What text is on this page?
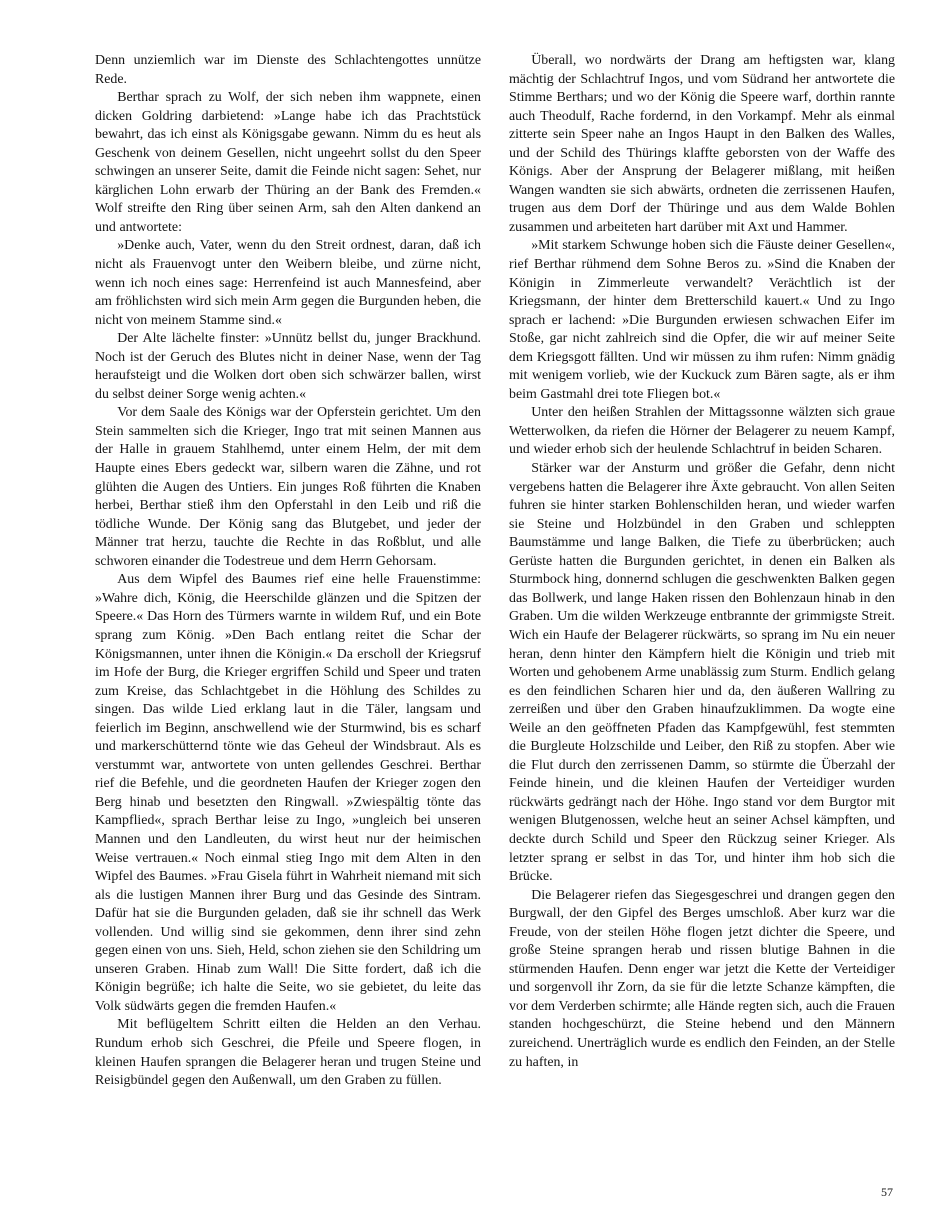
Denn unziemlich war im Dienste des Schlachtengottes unnütze Rede.

Berthar sprach zu Wolf, der sich neben ihm wappnete, einen dicken Goldring darbietend: »Lange habe ich das Prachtstück bewahrt, das ich einst als Königsgabe gewann. Nimm du es heut als Geschenk von deinem Gesellen, nicht ungeehrt sollst du den Speer schwingen an unserer Seite, damit die Feinde nicht sagen: Sehet, nur kärglichen Lohn erwarb der Thüring an der Bank des Fremden.« Wolf streifte den Ring über seinen Arm, sah den Alten dankend an und antwortete:

»Denke auch, Vater, wenn du den Streit ordnest, daran, daß ich nicht als Frauenvogt unter den Weibern bleibe, und zürne nicht, wenn ich noch eines sage: Herrenfeind ist auch Mannesfeind, aber am fröhlichsten wird sich mein Arm gegen die Burgunden heben, die nicht von meinem Stamme sind.«

Der Alte lächelte finster: »Unnütz bellst du, junger Brackhund. Noch ist der Geruch des Blutes nicht in deiner Nase, wenn der Tag heraufsteigt und die Wolken dort oben sich schwärzer ballen, wirst du selbst deiner Sorge wenig achten.«

Vor dem Saale des Königs war der Opferstein gerichtet. Um den Stein sammelten sich die Krieger, Ingo trat mit seinen Mannen aus der Halle in grauem Stahlhemd, unter einem Helm, der mit dem Haupte eines Ebers gedeckt war, silbern waren die Zähne, und rot glühten die Augen des Untiers. Ein junges Roß führten die Knaben herbei, Berthar stieß ihm den Opferstahl in den Leib und riß die tödliche Wunde. Der König sang das Blutgebet, und jeder der Männer trat herzu, tauchte die Rechte in das Roßblut, und alle schworen einander die Todestreue und dem Herrn Gehorsam.

Aus dem Wipfel des Baumes rief eine helle Frauenstimme: »Wahre dich, König, die Heerschilde glänzen und die Spitzen der Speere.« Das Horn des Türmers warnte in wildem Ruf, und ein Bote sprang zum König. »Den Bach entlang reitet die Schar der Königsmannen, unter ihnen die Königin.« Da erscholl der Kriegsruf im Hofe der Burg, die Krieger ergriffen Schild und Speer und traten zum Kreise, das Schlachtgebet in die Höhlung des Schildes zu singen. Das wilde Lied erklang laut in die Täler, langsam und feierlich im Beginn, anschwellend wie der Sturmwind, bis es scharf und markerschütternd tönte wie das Geheul der Windsbraut. Als es verstummt war, antwortete von unten gellendes Geschrei. Berthar rief die Befehle, und die geordneten Haufen der Krieger zogen den Berg hinab und besetzten den Ringwall. »Zwiespältig tönte das Kampflied«, sprach Berthar leise zu Ingo, »ungleich bei unseren Mannen und den Landleuten, du wirst heut nur der heimischen Weise vertrauen.« Noch einmal stieg Ingo mit dem Alten in den Wipfel des Baumes. »Frau Gisela führt in Wahrheit niemand mit sich als die lustigen Mannen ihrer Burg und das Gesinde des Sintram. Dafür hat sie die Burgunden geladen, daß sie ihr schnell das Werk vollenden. Und willig sind sie gekommen, denn ihrer sind zehn gegen einen von uns. Sieh, Held, schon ziehen sie den Schildring um unseren Graben. Hinab zum Wall! Die Sitte fordert, daß ich die Königin begrüße; ich halte die Seite, wo sie gebietet, du leite das Volk südwärts gegen die fremden Haufen.«

Mit beflügeltem Schritt eilten die Helden an den Verhau. Rundum erhob sich Geschrei, die Pfeile und Speere flogen, in kleinen Haufen sprangen die Belagerer heran und trugen Steine und Reisigbündel gegen den Außenwall, um den Graben zu füllen.

Überall, wo nordwärts der Drang am heftigsten war, klang mächtig der Schlachtruf Ingos, und vom Südrand her antwortete die Stimme Berthars; und wo der König die Speere warf, dorthin rannte auch Theodulf, Rache fordernd, in den Vorkampf. Mehr als einmal zitterte sein Speer nahe an Ingos Haupt in den Balken des Walles, und der Schild des Thürings klaffte geborsten von der Waffe des Königs. Aber der Ansprung der Belagerer mißlang, mit heißen Wangen wandten sie sich abwärts, ordneten die zerrissenen Haufen, trugen aus dem Dorf der Thüringe und aus dem Walde Bohlen zusammen und arbeiteten hart darüber mit Axt und Hammer.

»Mit starkem Schwunge hoben sich die Fäuste deiner Gesellen«, rief Berthar rühmend dem Sohne Beros zu. »Sind die Knaben der Königin in Zimmerleute verwandelt? Verächtlich ist der Kriegsmann, der hinter dem Bretterschild kauert.« Und zu Ingo sprach er lachend: »Die Burgunden erwiesen schwachen Eifer im Stoße, gar nicht zahlreich sind die Opfer, die wir auf meiner Seite dem Kriegsgott fällten. Und wir müssen zu ihm rufen: Nimm gnädig mit wenigem vorlieb, wie der Kuckuck zum Bären sagte, als er ihm beim Gastmahl drei tote Fliegen bot.«

Unter den heißen Strahlen der Mittagssonne wälzten sich graue Wetterwolken, da riefen die Hörner der Belagerer zu neuem Kampf, und wieder erhob sich der heulende Schlachtruf in beiden Scharen.

Stärker war der Ansturm und größer die Gefahr, denn nicht vergebens hatten die Belagerer ihre Äxte gebraucht. Von allen Seiten fuhren sie hinter starken Bohlenschilden heran, und wieder warfen sie Steine und Holzbündel in den Graben und schleppten Baumstämme und lange Balken, die Tiefe zu überbrücken; auch Gerüste hatten die Burgunden gerichtet, in denen ein Balken als Sturmbock hing, donnernd schlugen die geschwenkten Balken gegen das Bollwerk, und lange Haken rissen den Bohlenzaun hinab in den Graben. Um die wilden Werkzeuge entbrannte der grimmigste Streit. Wich ein Haufe der Belagerer rückwärts, so sprang im Nu ein neuer heran, denn hinter den Kämpfern hielt die Königin und trieb mit Worten und gehobenem Arme unablässig zum Sturm. Endlich gelang es den feindlichen Scharen hier und da, den äußeren Wallring zu zerreißen und über den Graben hinaufzuklimmen. Da wogte eine Weile an den geöffneten Pfaden das Kampfgewühl, fest stemmten die Burgleute Holzschilde und Leiber, den Riß zu stopfen. Aber wie die Flut durch den zerrissenen Damm, so stürmte die Überzahl der Feinde hinein, und die kleinen Haufen der Verteidiger wurden rückwärts gedrängt nach der Höhe. Ingo stand vor dem Burgtor mit wenigen Blutgenossen, welche heut an seiner Achsel kämpften, und deckte durch Schild und Speer den Rückzug seiner Krieger. Als letzter sprang er selbst in das Tor, und hinter ihm hob sich die Brücke.

Die Belagerer riefen das Siegesgeschrei und drangen gegen den Burgwall, der den Gipfel des Berges umschloß. Aber kurz war die Freude, von der steilen Höhe flogen jetzt dichter die Speere, und große Steine sprangen herab und rissen blutige Bahnen in die stürmenden Haufen. Denn enger war jetzt die Kette der Verteidiger und sorgenvoll ihr Zorn, da sie für die letzte Schanze kämpften, die vor dem Verderben schirmte; alle Hände regten sich, auch die Frauen standen hochgeschürzt, die Steine hebend und den Männern zureichend. Unerträglich wurde es endlich den Feinden, an der Stelle zu haften, in

57
